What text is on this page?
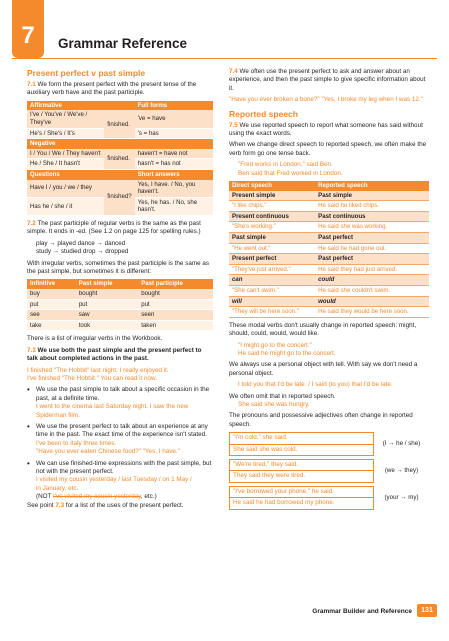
7	Grammar Reference
Present perfect v past simple

7.1 We form the present perfect with the present tense of the auxiliary verb have and the past participle.

Affirmative		Full forms
I've / You've / We've / They've	finished.	've = have
He's / She's / It's		's = has
Negative		
I / You / We / They haven't	finished.	haven't = have not
He / She / It hasn't		hasn't = has not
Questions		Short answers
Have I / you / we / they	finished?	Yes, I have. / No, you haven't.
Has he / she / it		Yes, he has. / No, she hasn't.

7.2 The past participle of regular verbs is the same as the past simple. It ends in -ed. (See 1.2 on page 125 for spelling rules.)

play → played dance → danced

study → studied drop → dropped

With irregular verbs, sometimes the past participle is the same as the past simple, but sometimes it is different:

Infinitive	Past simple	Past participle
buy	bought	bought
put	put	put
see	saw	seen
take	took	taken

There is a list of irregular verbs in the Workbook.

7.3 We use both the past simple and the present perfect to talk about completed actions in the past.

I finished "The Hobbit" last night. I really enjoyed it.

I've finished "The Hobbit." You can read it now.

• We use the past simple to talk about a specific occasion in the past, at a definite time.
I went to the cinema last Saturday night. I saw the new

Spiderman film.

• We use the present perfect to talk about an experience at any time in the past. The exact time of the experience isn't stated.
I've been to Italy three times.

"Have you ever eaten Chinese food?" "Yes, I have."

• We can use finished-time expressions with the past simple, but not with the present perfect.
I visited my cousin yesterday / last Tuesday / on 1 May /
in January, etc.
(NOT I've visited my cousin yesterday, etc.)
See point 7.3 for a list of the uses of the present perfect.

7.4 We often use the present perfect to ask and answer about an experience, and then the past simple to give specific information about it.

"Have you ever broken a bone?" "Yes, I broke my leg when I was 12."

Reported speech

7.5 We use reported speech to report what someone has said without using the exact words.

When we change direct speech to reported speech, we often make the verb form go one tense back.

"Fred works in London," said Ben.

Ben said that Fred worked in London.

Direct speech	Reported speech
Present simple	Past simple
"I like chips."	He said he liked chips.
Present continuous	Past continuous
"She's working."	He said she was working.
Past simple	Past perfect
"He went out."	He said he had gone out.
Present perfect	Past perfect
"They've just arrived."	He said they had just arrived.
can	could
"She can't swim."	He said she couldn't swim.
will	would
"They will be here soon."	He said they would be here soon.

These modal verbs don't usually change in reported speech: might, should, could, would, would like.

"I might go to the concert."

He said he might go to the concert.

We always use a personal object with tell. With say we don't need a personal object.

I told you that I'd be late. / I said (to you) that I'd be late.

We often omit that in reported speech.

She said she was hungry.

The pronouns and possessive adjectives often change in reported speech.

"I'm cold," she said.
She said she was cold.
(I → he / she)
"We're tired," they said.
They said they were tired.
(we → they)
"I've borrowed your phone," he said.
He said he had borrowed my phone.
(your → my)
Grammar Builder and Reference	131
